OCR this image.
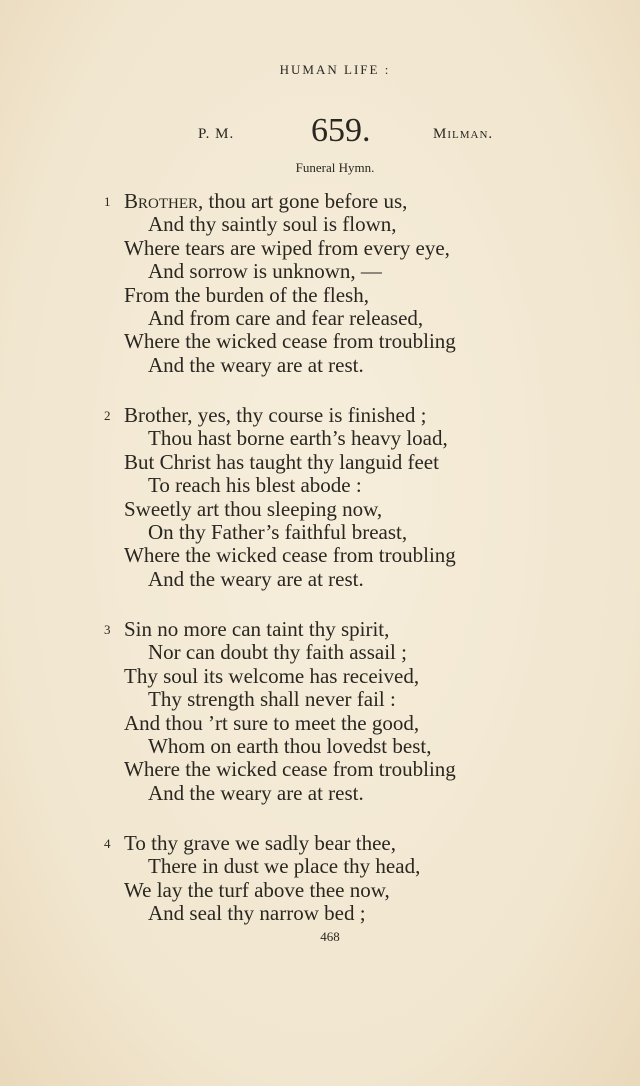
HUMAN LIFE :
P. M. 659.	Milman.
Funeral Hymn.
1 Brother, thou art gone before us,
And thy saintly soul is flown,
Where tears are wiped from every eye,
And sorrow is unknown, —
From the burden of the flesh,
And from care and fear released,
Where the wicked cease from troubling
And the weary are at rest.
2 Brother, yes, thy course is finished ;
Thou hast borne earth’s heavy load,
But Christ has taught thy languid feet
To reach his blest abode :
Sweetly art thou sleeping now,
On thy Father’s faithful breast,
Where the wicked cease from troubling
And the weary are at rest.
3 Sin no more can taint thy spirit,
Nor can doubt thy faith assail ;
Thy soul its welcome has received,
Thy strength shall never fail :
And thou ’rt sure to meet the good,
Whom on earth thou lovedst best,
Where the wicked cease from troubling
And the weary are at rest.
4 To thy grave we sadly bear thee,
There in dust we place thy head,
We lay the turf above thee now,
And seal thy narrow bed ;
468
